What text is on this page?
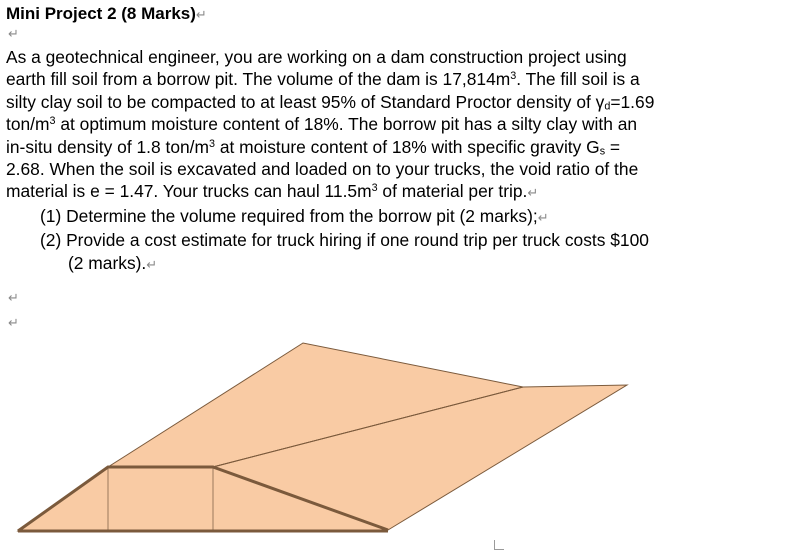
Mini Project 2 (8 Marks)↵
↵
As a geotechnical engineer, you are working on a dam construction project using
earth fill soil from a borrow pit. The volume of the dam is $17,814m^3$. The fill soil is a
silty clay soil to be compacted to at least 95% of Standard Proctor density of $\gamma_d=1.69$
ton/$m^3$ at optimum moisture content of 18%. The borrow pit has a silty clay with an
in-situ density of 1.8 ton/$m^3$ at moisture content of 18% with specific gravity $G_s$ =
2.68. When the soil is excavated and loaded on to your trucks, the void ratio of the
material is e = 1.47. Your trucks can haul $11.5m^3$ of material per trip.↵
(1) Determine the volume required from the borrow pit (2 marks);↵
(2) Provide a cost estimate for truck hiring if one round trip per truck costs $100
(2 marks).↵
↵
↵
